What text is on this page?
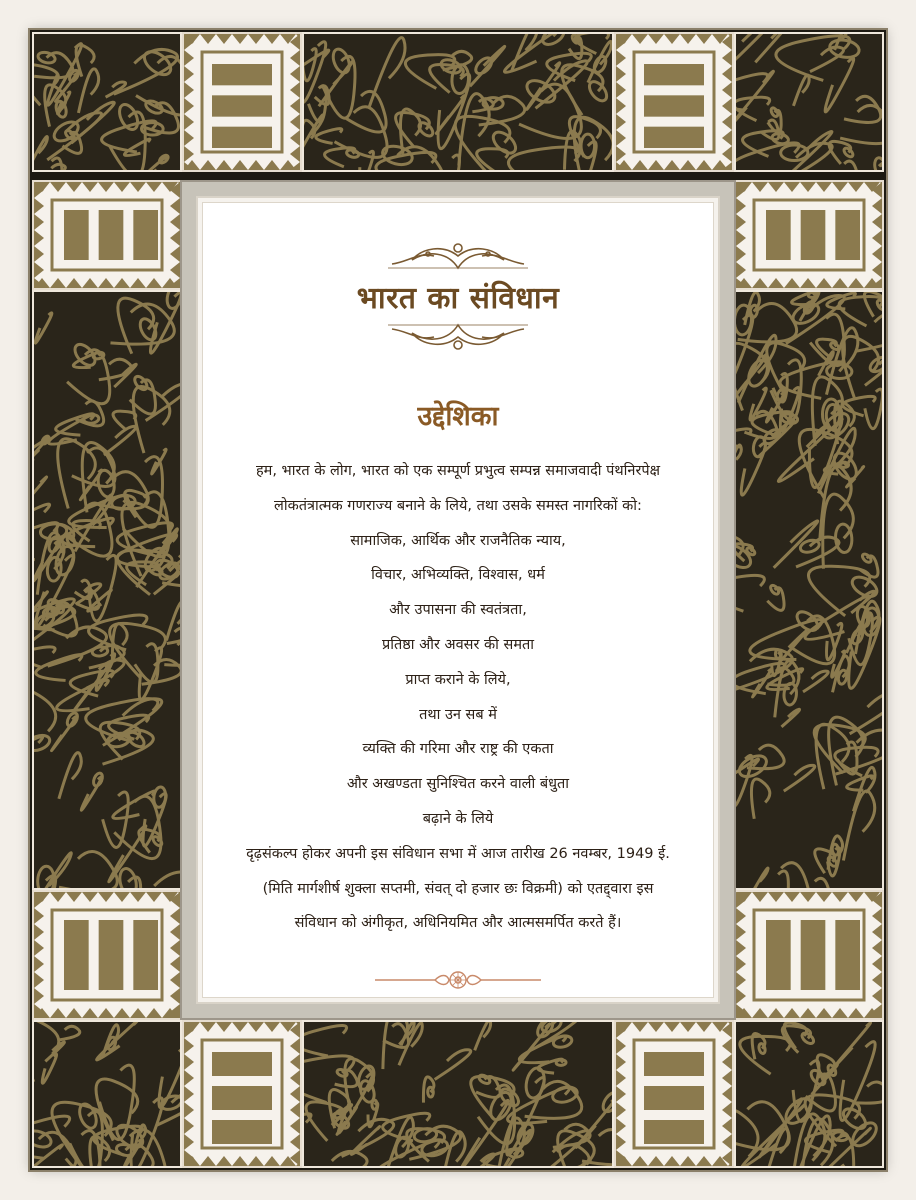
भारत का संविधान
उद्देशिका
हम, भारत के लोग, भारत को एक सम्पूर्ण प्रभुत्व सम्पन्न समाजवादी पंथनिरपेक्ष
लोकतंत्रात्मक गणराज्य बनाने के लिये, तथा उसके समस्त नागरिकों को:
सामाजिक, आर्थिक और राजनैतिक न्याय,
विचार, अभिव्यक्ति, विश्वास, धर्म
और उपासना की स्वतंत्रता,
प्रतिष्ठा और अवसर की समता
प्राप्त कराने के लिये,
तथा उन सब में
व्यक्ति की गरिमा और राष्ट्र की एकता
और अखण्डता सुनिश्चित करने वाली बंधुता
बढ़ाने के लिये
दृढ़संकल्प होकर अपनी इस संविधान सभा में आज तारीख 26 नवम्बर, 1949 ई.
(मिति मार्गशीर्ष शुक्ला सप्तमी, संवत् दो हजार छः विक्रमी) को एतद्द्वारा इस
संविधान को अंगीकृत, अधिनियमित और आत्मसमर्पित करते हैं।
